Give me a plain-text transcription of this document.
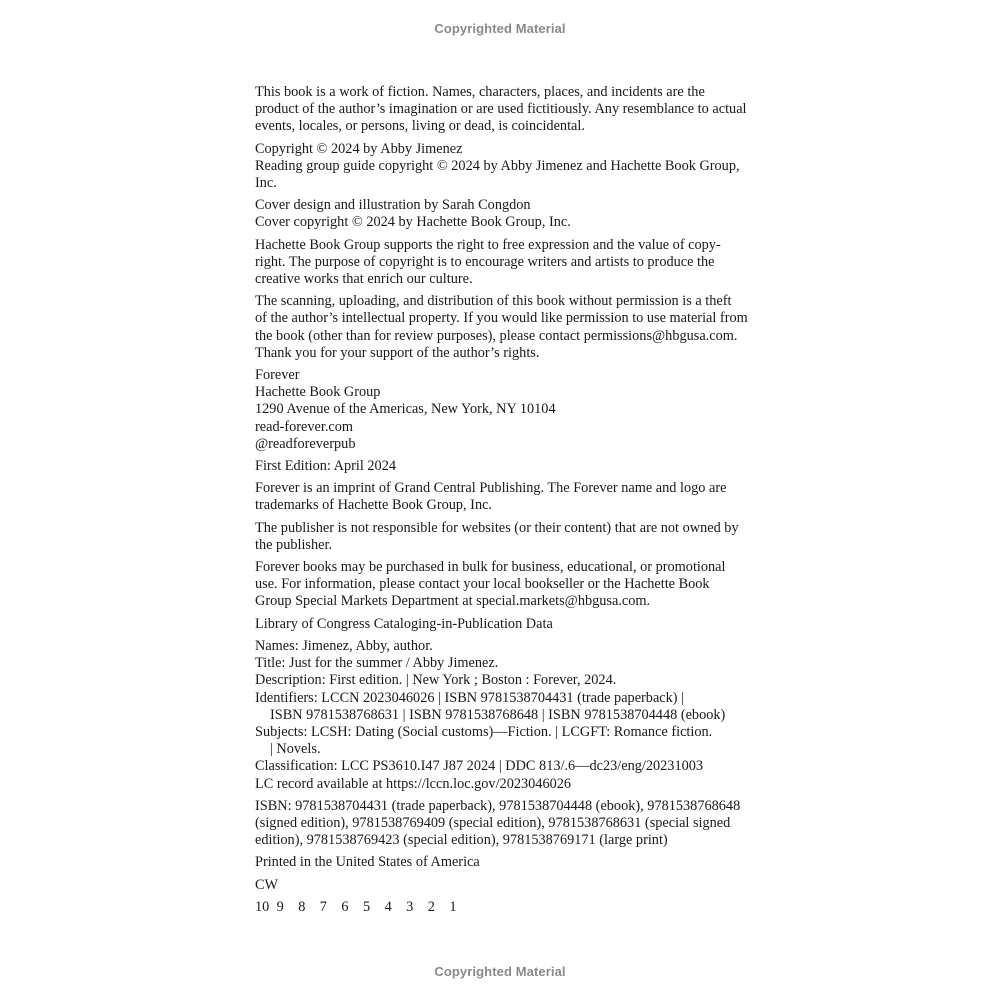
Copyrighted Material
This book is a work of fiction. Names, characters, places, and incidents are the
product of the author’s imagination or are used fictitiously. Any resemblance to actual
events, locales, or persons, living or dead, is coincidental.
Copyright © 2024 by Abby Jimenez
Reading group guide copyright © 2024 by Abby Jimenez and Hachette Book Group,
Inc.
Cover design and illustration by Sarah Congdon
Cover copyright © 2024 by Hachette Book Group, Inc.
Hachette Book Group supports the right to free expression and the value of copy-
right. The purpose of copyright is to encourage writers and artists to produce the
creative works that enrich our culture.
The scanning, uploading, and distribution of this book without permission is a theft
of the author’s intellectual property. If you would like permission to use material from
the book (other than for review purposes), please contact permissions@hbgusa.com.
Thank you for your support of the author’s rights.
Forever
Hachette Book Group
1290 Avenue of the Americas, New York, NY 10104
read-forever.com
@readforeverpub
First Edition: April 2024
Forever is an imprint of Grand Central Publishing. The Forever name and logo are
trademarks of Hachette Book Group, Inc.
The publisher is not responsible for websites (or their content) that are not owned by
the publisher.
Forever books may be purchased in bulk for business, educational, or promotional
use. For information, please contact your local bookseller or the Hachette Book
Group Special Markets Department at special.markets@hbgusa.com.
Library of Congress Cataloging-in-Publication Data
Names: Jimenez, Abby, author.
Title: Just for the summer / Abby Jimenez.
Description: First edition. | New York ; Boston : Forever, 2024.
Identifiers: LCCN 2023046026 | ISBN 9781538704431 (trade paperback) |
ISBN 9781538768631 | ISBN 9781538768648 | ISBN 9781538704448 (ebook)
Subjects: LCSH: Dating (Social customs)—Fiction. | LCGFT: Romance fiction.
| Novels.
Classification: LCC PS3610.I47 J87 2024 | DDC 813/.6—dc23/eng/20231003
LC record available at https://lccn.loc.gov/2023046026
ISBN: 9781538704431 (trade paperback), 9781538704448 (ebook), 9781538768648
(signed edition), 9781538769409 (special edition), 9781538768631 (special signed
edition), 9781538769423 (special edition), 9781538769171 (large print)
Printed in the United States of America
CW
10 9	8	7	6	5	4	3	2	1
Copyrighted Material
